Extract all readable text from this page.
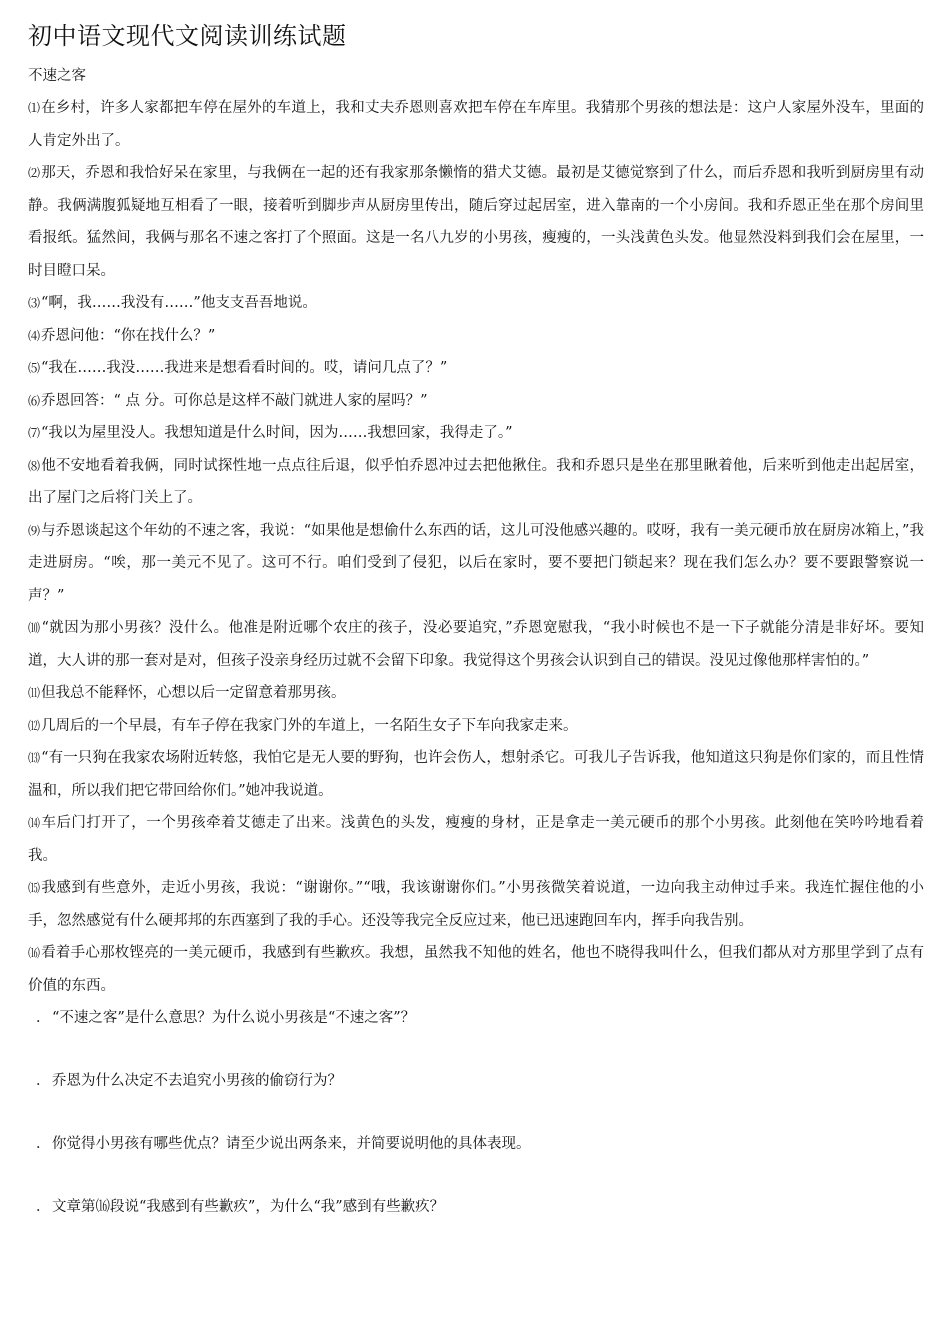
初中语文现代文阅读训练试题
不速之客

⑴在乡村，许多人家都把车停在屋外的车道上，我和丈夫乔恩则喜欢把车停在车库里。我猜那个男孩的想法是：这户人家屋外没车，里面的人肯定外出了。

⑵那天，乔恩和我恰好呆在家里，与我俩在一起的还有我家那条懒惰的猎犬艾德。最初是艾德觉察到了什么，而后乔恩和我听到厨房里有动静。我俩满腹狐疑地互相看了一眼，接着听到脚步声从厨房里传出，随后穿过起居室，进入靠南的一个小房间。我和乔恩正坐在那个房间里看报纸。猛然间，我俩与那名不速之客打了个照面。这是一名八九岁的小男孩，瘦瘦的，一头浅黄色头发。他显然没料到我们会在屋里，一时目瞪口呆。

⑶“啊，我……我没有……”他支支吾吾地说。

⑷乔恩问他：“你在找什么？”

⑸“我在……我没……我进来是想看看时间的。哎，请问几点了？”

⑹乔恩回答：“ 点 分。可你总是这样不敲门就进人家的屋吗？”

⑺“我以为屋里没人。我想知道是什么时间，因为……我想回家，我得走了。”

⑻他不安地看着我俩，同时试探性地一点点往后退，似乎怕乔恩冲过去把他揪住。我和乔恩只是坐在那里瞅着他，后来听到他走出起居室，出了屋门之后将门关上了。

⑼与乔恩谈起这个年幼的不速之客，我说：“如果他是想偷什么东西的话，这儿可没他感兴趣的。哎呀，我有一美元硬币放在厨房冰箱上，”我走进厨房。“唉，那一美元不见了。这可不行。咱们受到了侵犯，以后在家时，要不要把门锁起来？现在我们怎么办？要不要跟警察说一声？”

⑽“就因为那小男孩？没什么。他准是附近哪个农庄的孩子，没必要追究，”乔恩宽慰我，“我小时候也不是一下子就能分清是非好坏。要知道，大人讲的那一套对是对，但孩子没亲身经历过就不会留下印象。我觉得这个男孩会认识到自己的错误。没见过像他那样害怕的。”

⑾但我总不能释怀，心想以后一定留意着那男孩。

⑿几周后的一个早晨，有车子停在我家门外的车道上，一名陌生女子下车向我家走来。

⒀“有一只狗在我家农场附近转悠，我怕它是无人要的野狗，也许会伤人，想射杀它。可我儿子告诉我，他知道这只狗是你们家的，而且性情温和，所以我们把它带回给你们。”她冲我说道。

⒁车后门打开了，一个男孩牵着艾德走了出来。浅黄色的头发，瘦瘦的身材，正是拿走一美元硬币的那个小男孩。此刻他在笑吟吟地看着我。

⒂我感到有些意外，走近小男孩，我说：“谢谢你。”“哦，我该谢谢你们。”小男孩微笑着说道，一边向我主动伸过手来。我连忙握住他的小手，忽然感觉有什么硬邦邦的东西塞到了我的手心。还没等我完全反应过来，他已迅速跑回车内，挥手向我告别。

⒃看着手心那枚铿亮的一美元硬币，我感到有些歉疚。我想，虽然我不知他的姓名，他也不晓得我叫什么，但我们都从对方那里学到了点有价值的东西。

． “不速之客”是什么意思？为什么说小男孩是“不速之客”？
． 乔恩为什么决定不去追究小男孩的偷窃行为？
． 你觉得小男孩有哪些优点？请至少说出两条来，并简要说明他的具体表现。
． 文章第⒃段说“我感到有些歉疚”，为什么“我”感到有些歉疚？
